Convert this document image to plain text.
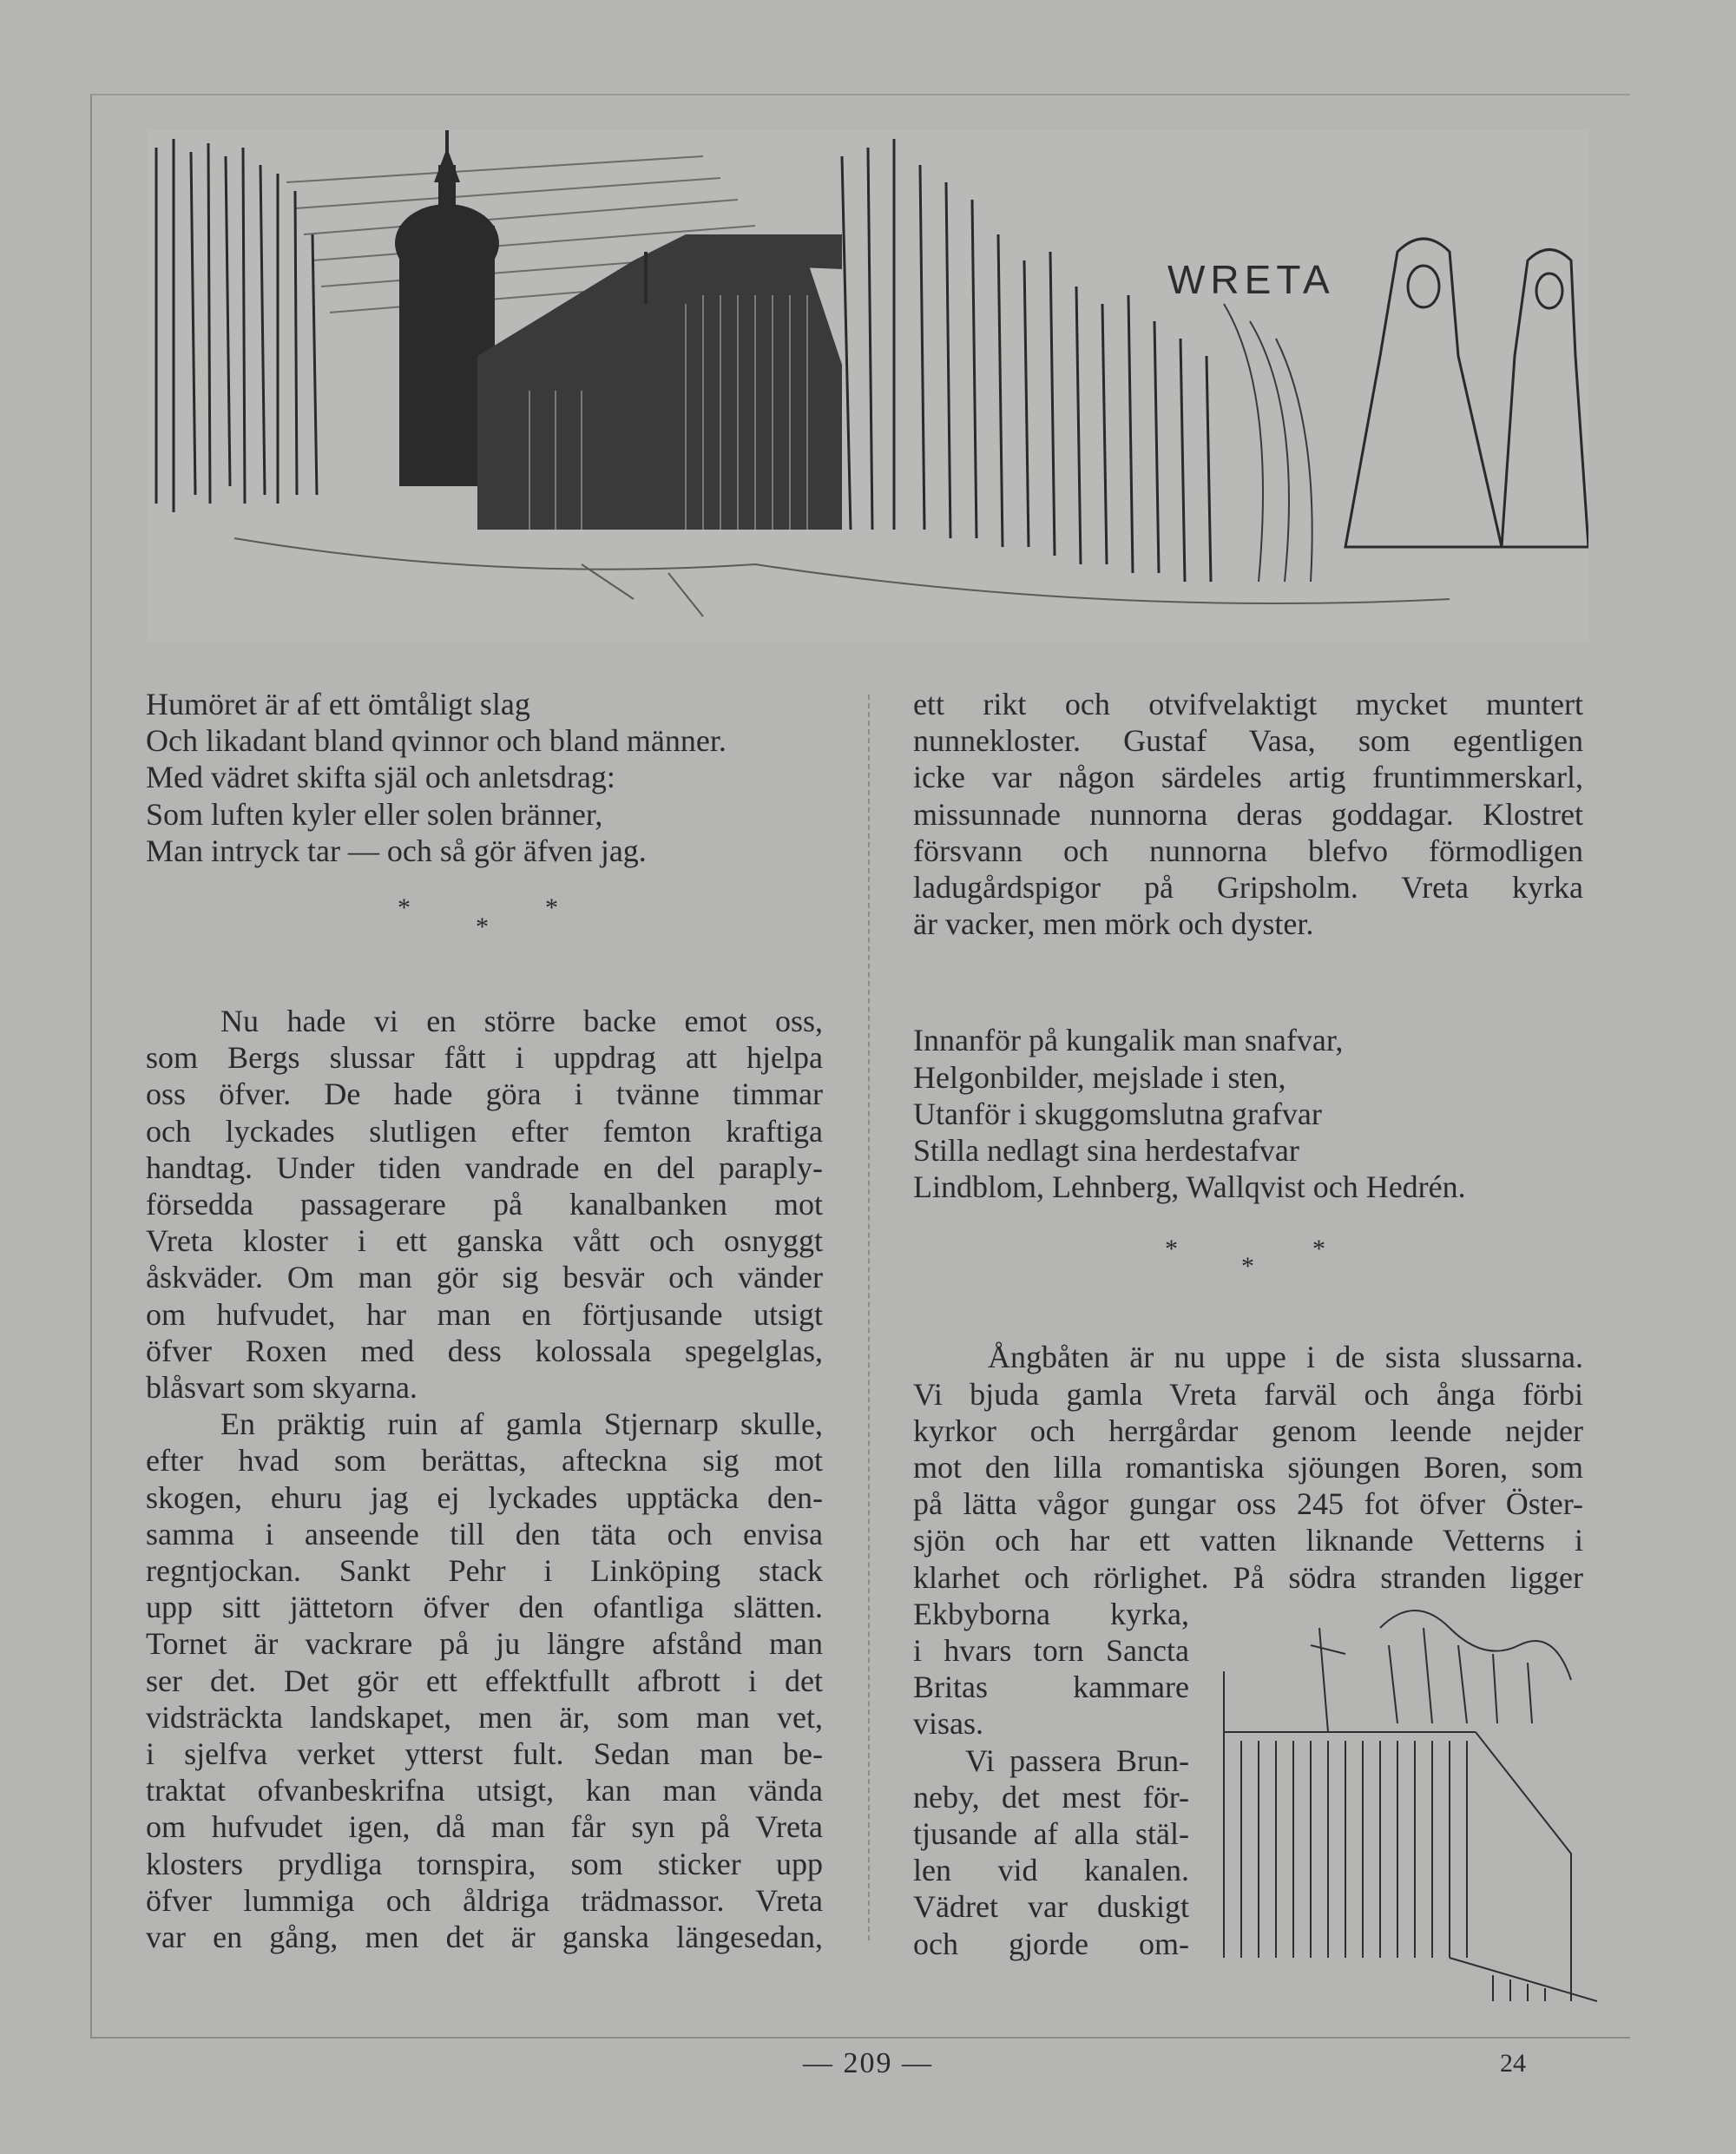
WRETA
Humöret är af ett ömtåligt slag
Och likadant bland qvinnor och bland männer.
Med vädret skifta själ och anletsdrag:
Som luften kyler eller solen bränner,
Man intryck tar — och så gör äfven jag.
*
*
*
Nu hade vi en större backe emot oss,
som Bergs slussar fått i uppdrag att hjelpa
oss öfver. De hade göra i tvänne timmar
och lyckades slutligen efter femton kraftiga
handtag. Under tiden vandrade en del paraply-
försedda passagerare på kanalbanken mot
Vreta kloster i ett ganska vått och osnyggt
åskväder. Om man gör sig besvär och vänder
om hufvudet, har man en förtjusande utsigt
öfver Roxen med dess kolossala spegelglas,
blåsvart som skyarna.
En präktig ruin af gamla Stjernarp skulle,
efter hvad som berättas, afteckna sig mot
skogen, ehuru jag ej lyckades upptäcka den-
samma i anseende till den täta och envisa
regntjockan. Sankt Pehr i Linköping stack
upp sitt jättetorn öfver den ofantliga slätten.
Tornet är vackrare på ju längre afstånd man
ser det. Det gör ett effektfullt afbrott i det
vidsträckta landskapet, men är, som man vet,
i sjelfva verket ytterst fult. Sedan man be-
traktat ofvanbeskrifna utsigt, kan man vända
om hufvudet igen, då man får syn på Vreta
klosters prydliga tornspira, som sticker upp
öfver lummiga och åldriga trädmassor. Vreta
var en gång, men det är ganska längesedan,
ett rikt och otvifvelaktigt mycket muntert
nunnekloster. Gustaf Vasa, som egentligen
icke var någon särdeles artig fruntimmerskarl,
missunnade nunnorna deras goddagar. Klostret
försvann och nunnorna blefvo förmodligen
ladugårdspigor på Gripsholm. Vreta kyrka
är vacker, men mörk och dyster.
Innanför på kungalik man snafvar,
Helgonbilder, mejslade i sten,
Utanför i skuggomslutna grafvar
Stilla nedlagt sina herdestafvar
Lindblom, Lehnberg, Wallqvist och Hedrén.
*
*
*
Ångbåten är nu uppe i de sista slussarna.
Vi bjuda gamla Vreta farväl och ånga förbi
kyrkor och herrgårdar genom leende nejder
mot den lilla romantiska sjöungen Boren, som
på lätta vågor gungar oss 245 fot öfver Öster-
sjön och har ett vatten liknande Vetterns i
klarhet och rörlighet. På södra stranden ligger
Ekbyborna kyrka,
i hvars torn Sancta
Britas kammare
visas.
Vi passera Brun-
neby, det mest för-
tjusande af alla stäl-
len vid kanalen.
Vädret var duskigt
och gjorde om-
— 209 —	24
